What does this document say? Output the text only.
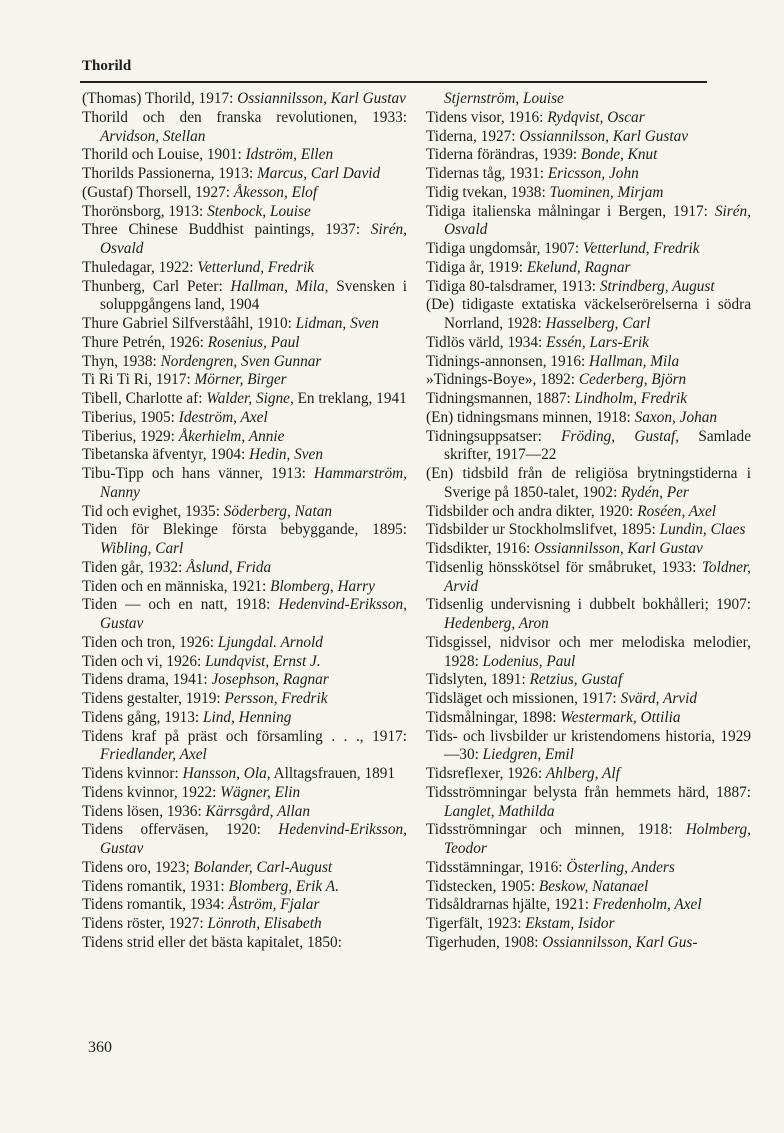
Thorild
(Thomas) Thorild, 1917: Ossiannilsson, Karl Gustav
Thorild och den franska revolutionen, 1933: Arvidson, Stellan
Thorild och Louise, 1901: Idström, Ellen
Thorilds Passionerna, 1913: Marcus, Carl David
(Gustaf) Thorsell, 1927: Åkesson, Elof
Thorönsborg, 1913: Stenbock, Louise
Three Chinese Buddhist paintings, 1937: Sirén, Osvald
Thuledagar, 1922: Vetterlund, Fredrik
Thunberg, Carl Peter: Hallman, Mila, Svensken i soluppgångens land, 1904
Thure Gabriel Silfverståâhl, 1910: Lidman, Sven
Thure Petrén, 1926: Rosenius, Paul
Thyn, 1938: Nordengren, Sven Gunnar
Ti Ri Ti Ri, 1917: Mörner, Birger
Tibell, Charlotte af: Walder, Signe, En treklang, 1941
Tiberius, 1905: Ideström, Axel
Tiberius, 1929: Åkerhielm, Annie
Tibetanska äfventyr, 1904: Hedin, Sven
Tibu-Tipp och hans vänner, 1913: Hammarström, Nanny
Tid och evighet, 1935: Söderberg, Natan
Tiden för Blekinge första bebyggande, 1895: Wibling, Carl
Tiden går, 1932: Åslund, Frida
Tiden och en människa, 1921: Blomberg, Harry
Tiden — och en natt, 1918: Hedenvind-Eriksson, Gustav
Tiden och tron, 1926: Ljungdal. Arnold
Tiden och vi, 1926: Lundqvist, Ernst J.
Tidens drama, 1941: Josephson, Ragnar
Tidens gestalter, 1919: Persson, Fredrik
Tidens gång, 1913: Lind, Henning
Tidens kraf på präst och församling . . ., 1917: Friedlander, Axel
Tidens kvinnor: Hansson, Ola, Alltagsfrauen, 1891
Tidens kvinnor, 1922: Wägner, Elin
Tidens lösen, 1936: Kärrsgård, Allan
Tidens offerväsen, 1920: Hedenvind-Eriksson, Gustav
Tidens oro, 1923; Bolander, Carl-August
Tidens romantik, 1931: Blomberg, Erik A.
Tidens romantik, 1934: Åström, Fjalar
Tidens röster, 1927: Lönroth, Elisabeth
Tidens strid eller det bästa kapitalet, 1850:
Stjernström, Louise
Tidens visor, 1916: Rydqvist, Oscar
Tiderna, 1927: Ossiannilsson, Karl Gustav
Tiderna förändras, 1939: Bonde, Knut
Tidernas tåg, 1931: Ericsson, John
Tidig tvekan, 1938: Tuominen, Mirjam
Tidiga italienska målningar i Bergen, 1917: Sirén, Osvald
Tidiga ungdomsår, 1907: Vetterlund, Fredrik
Tidiga år, 1919: Ekelund, Ragnar
Tidiga 80-talsdramer, 1913: Strindberg, August
(De) tidigaste extatiska väckelserörelserna i södra Norrland, 1928: Hasselberg, Carl
Tidlös värld, 1934: Essén, Lars-Erik
Tidnings-annonsen, 1916: Hallman, Mila
»Tidnings-Boye», 1892: Cederberg, Björn
Tidningsmannen, 1887: Lindholm, Fredrik
(En) tidningsmans minnen, 1918: Saxon, Johan
Tidningsuppsatser: Fröding, Gustaf, Samlade skrifter, 1917—22
(En) tidsbild från de religiösa brytningstiderna i Sverige på 1850-talet, 1902: Rydén, Per
Tidsbilder och andra dikter, 1920: Roséen, Axel
Tidsbilder ur Stockholmslifvet, 1895: Lundin, Claes
Tidsdikter, 1916: Ossiannilsson, Karl Gustav
Tidsenlig hönsskötsel för småbruket, 1933: Toldner, Arvid
Tidsenlig undervisning i dubbelt bokhålleri; 1907: Hedenberg, Aron
Tidsgissel, nidvisor och mer melodiska melodier, 1928: Lodenius, Paul
Tidslyten, 1891: Retzius, Gustaf
Tidsläget och missionen, 1917: Svärd, Arvid
Tidsmålningar, 1898: Westermark, Ottilia
Tids- och livsbilder ur kristendomens historia, 1929—30: Liedgren, Emil
Tidsreflexer, 1926: Ahlberg, Alf
Tidsströmningar belysta från hemmets härd, 1887: Langlet, Mathilda
Tidsströmningar och minnen, 1918: Holmberg, Teodor
Tidsstämningar, 1916: Österling, Anders
Tidstecken, 1905: Beskow, Natanael
Tidsåldrarnas hjälte, 1921: Fredenholm, Axel
Tigerfält, 1923: Ekstam, Isidor
Tigerhuden, 1908: Ossiannilsson, Karl Gus-
360
